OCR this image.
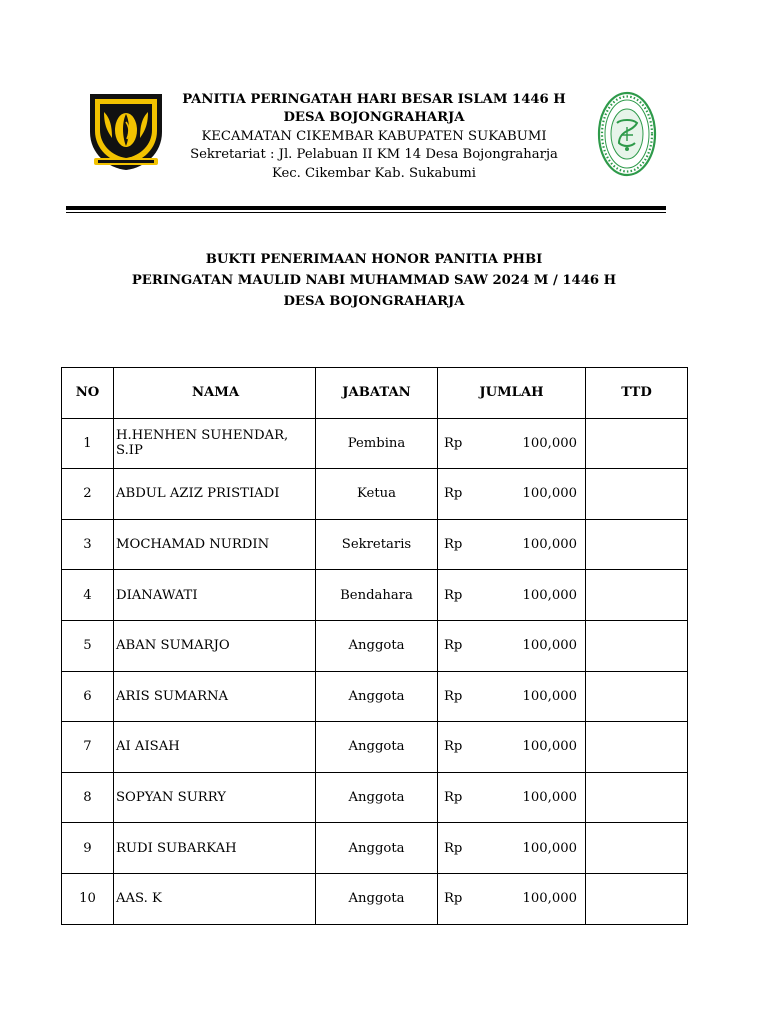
PANITIA PERINGATAH HARI BESAR ISLAM 1446 H
DESA BOJONGRAHARJA
KECAMATAN CIKEMBAR KABUPATEN SUKABUMI
Sekretariat : Jl. Pelabuan II KM 14 Desa Bojongraharja
Kec. Cikembar Kab. Sukabumi
BUKTI PENERIMAAN HONOR PANITIA PHBI
PERINGATAN MAULID NABI MUHAMMAD SAW 2024 M / 1446 H
DESA BOJONGRAHARJA
NO	NAMA	JABATAN	JUMLAH	TTD
1	H.HENHEN SUHENDAR, S.IP	Pembina	Rp 100,000	

2	ABDUL AZIZ PRISTIADI	Ketua	Rp 100,000	

3	MOCHAMAD NURDIN	Sekretaris	Rp 100,000	

4	DIANAWATI	Bendahara	Rp 100,000	

5	ABAN SUMARJO	Anggota	Rp 100,000	

6	ARIS SUMARNA	Anggota	Rp 100,000	

7	AI AISAH	Anggota	Rp 100,000	

8	SOPYAN SURRY	Anggota	Rp 100,000	

9	RUDI SUBARKAH	Anggota	Rp 100,000	

10	AAS. K	Anggota	Rp 100,000	
